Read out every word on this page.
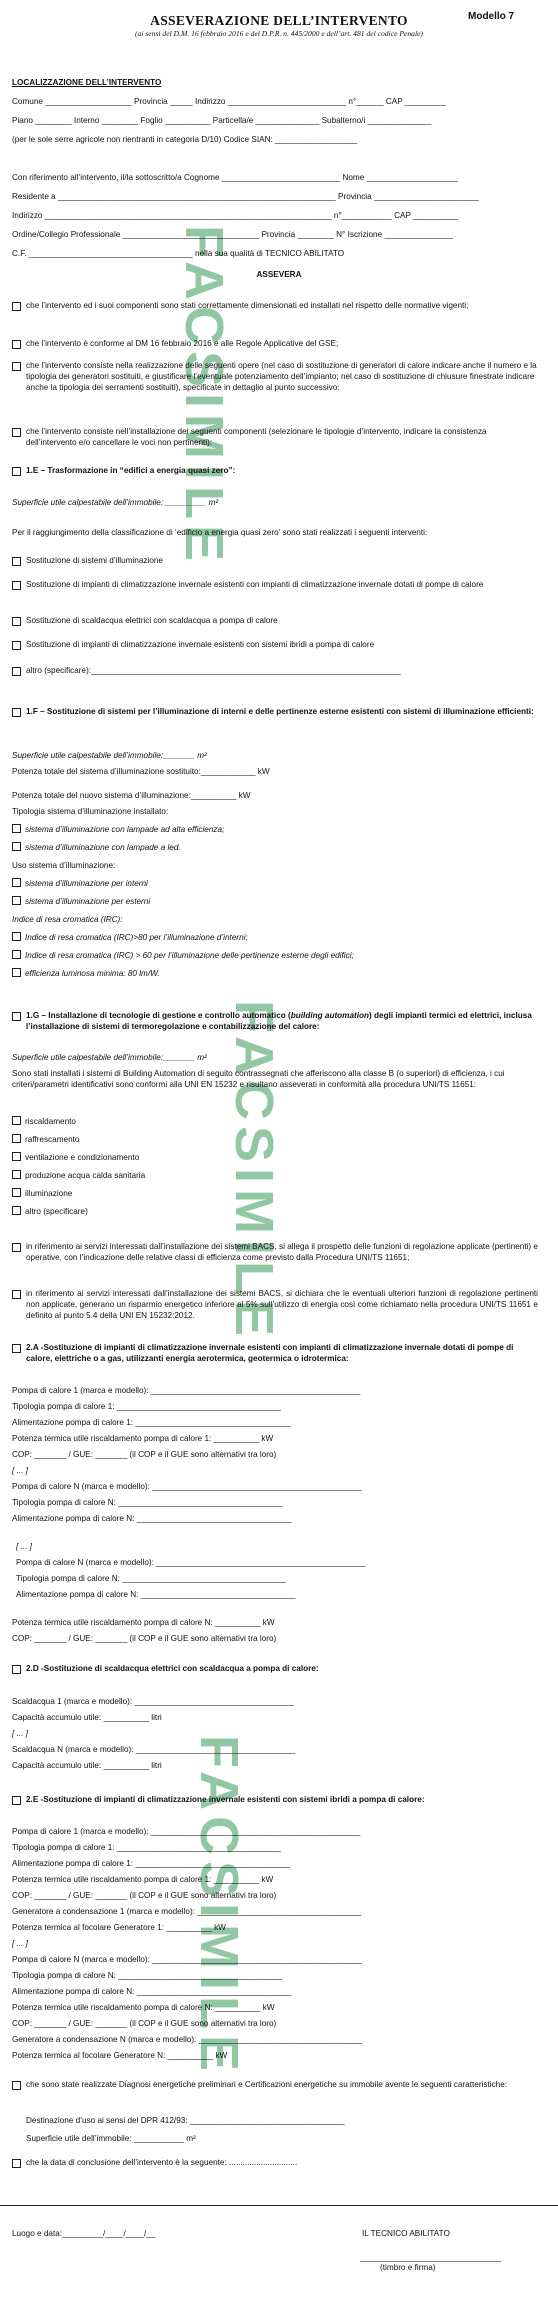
ASSEVERAZIONE DELL’INTERVENTO
(ai sensi del D.M. 16 febbraio 2016 e del D.P.R. n. 445/2000 e dell’art. 481 del codice Penale)
Modello 7
FACSIMILE
FACSIMILE
FACSIMILE
LOCALIZZAZIONE DELL’INTERVENTO
Comune ___________________ Provincia _____ Indirizzo __________________________ n°______ CAP _________
Piano ________ Interno ________ Foglio __________ Particella/e ______________ Subalterno/i ______________
(per le sole serre agricole non rientranti in categoria D/10) Codice SIAN: __________________
Con riferimento all’intervento, il/la sottoscritto/a Cognome __________________________ Nome ____________________
Residente a _____________________________________________________________ Provincia _______________________
Indirizzo _______________________________________________________________ n°___________ CAP __________
Ordine/Collegio Professionale ______________________________ Provincia ________ N° Iscrizione _______________
C.F. ____________________________________ nella sua qualità di TECNICO ABILITATO
ASSEVERA
che l’intervento ed i suoi componenti sono stati correttamente dimensionati ed installati nel rispetto delle normative vigenti;
che l’intervento è conforme al DM 16 febbraio 2016 e alle Regole Applicative del GSE;
che l’intervento consiste nella realizzazione delle seguenti opere (nel caso di sostituzione di generatori di calore indicare anche il numero e la tipologia dei generatori sostituiti, e giustificare l’eventuale potenziamento dell’impianto; nel caso di sostituzione di chiusure finestrate indicare anche la tipologia dei serramenti sostituiti), specificate in dettaglio al punto successivo:
che l’intervento consiste nell’installazione dei seguenti componenti (selezionare le tipologie d’intervento, indicare la consistenza dell’intervento e/o cancellare le voci non pertinenti):
1.E – Trasformazione in “edifici a energia quasi zero”:
Superficie utile calpestabile dell’immobile: _________ m²
Per il raggiungimento della classificazione di ‘edificio a energia quasi zero’ sono stati realizzati i seguenti interventi:
Sostituzione di sistemi d’illuminazione
Sostituzione di impianti di climatizzazione invernale esistenti con impianti di climatizzazione invernale dotati di pompe di calore
Sostituzione di scaldacqua elettrici con scaldacqua a pompa di calore
Sostituzione di impianti di climatizzazione invernale esistenti con sistemi ibridi a pompa di calore
altro (specificare):____________________________________________________________________
1.F – Sostituzione di sistemi per l’illuminazione di interni e delle pertinenze esterne esistenti con sistemi di illuminazione efficienti:
Superficie utile calpestabile dell’immobile:_______ m²
Potenza totale del sistema d’illuminazione sostituito:____________ kW
Potenza totale del nuovo sistema d’illuminazione:__________ kW
Tipologia sistema d’illuminazione installato:
sistema d’illuminazione con lampade ad alta efficienza;
sistema d’illuminazione con lampade a led.
Uso sistema d’illuminazione:
sistema d’illuminazione per interni
sistema d’illuminazione per esterni
Indice di resa cromatica (IRC):
Indice di resa cromatica (IRC)>80 per l’illuminazione d’interni;
Indice di resa cromatica (IRC) > 60 per l’illuminazione delle pertinenze esterne degli edifici;
efficienza luminosa minima: 80 lm/W.
1.G – Installazione di tecnologie di gestione e controllo automatico (building automation) degli impianti termici ed elettrici, inclusa l’installazione di sistemi di termoregolazione e contabilizzazione del calore:
Superficie utile calpestabile dell’immobile:_______ m²
Sono stati installati i sistemi di Building Automation di seguito contrassegnati che afferiscono alla classe B (o superiori) di efficienza, i cui criteri/parametri identificativi sono conformi alla UNI EN 15232 e risultano asseverati in conformità alla procedura UNI/TS 11651:
riscaldamento
raffrescamento
ventilazione e condizionamento
produzione acqua calda sanitaria
illuminazione
altro (specificare)
in riferimento ai servizi interessati dall’installazione dei sistemi BACS, si allega il prospetto delle funzioni di regolazione applicate (pertinenti) e operative, con l’indicazione delle relative classi di efficienza come previsto dalla Procedura UNI/TS 11651;
in riferimento ai servizi interessati dall’installazione dei sistemi BACS, si dichiara che le eventuali ulteriori funzioni di regolazione pertinenti non applicate, generano un risparmio energetico inferiore al 5% sull’utilizzo di energia così come richiamato nella procedura UNI/TS 11651 e definito al punto 5.4 della UNI EN 15232:2012.
2.A -Sostituzione di impianti di climatizzazione invernale esistenti con impianti di climatizzazione invernale dotati di pompe di calore, elettriche o a gas, utilizzanti energia aerotermica, geotermica o idrotermica:
Pompa di calore 1 (marca e modello): ______________________________________________
Tipologia pompa di calore 1: ____________________________________
Alimentazione pompa di calore 1: __________________________________
Potenza termica utile riscaldamento pompa di calore 1: __________ kW
COP: _______ / GUE: _______ (il COP e il GUE sono alternativi tra loro)
[ ... ]
Pompa di calore N (marca e modello): ______________________________________________
Tipologia pompa di calore N: ____________________________________
Alimentazione pompa di calore N: __________________________________
[ ... ]
Pompa di calore N (marca e modello): ______________________________________________
Tipologia pompa di calore N: ____________________________________
Alimentazione pompa di calore N: __________________________________
Potenza termica utile riscaldamento pompa di calore N: __________ kW
COP: _______ / GUE: _______ (il COP e il GUE sono alternativi tra loro)
2.D -Sostituzione di scaldacqua elettrici con scaldacqua a pompa di calore:
Scaldacqua 1 (marca e modello): ___________________________________
Capacità accumulo utile: __________ litri
[ ... ]
Scaldacqua N (marca e modello): ___________________________________
Capacità accumulo utile: __________ litri
2.E -Sostituzione di impianti di climatizzazione invernale esistenti con sistemi ibridi a pompa di calore:
Pompa di calore 1 (marca e modello): ______________________________________________
Tipologia pompa di calore 1: ____________________________________
Alimentazione pompa di calore 1: __________________________________
Potenza termica utile riscaldamento pompa di calore 1: __________ kW
COP: _______ / GUE: _______ (il COP e il GUE sono alternativi tra loro)
Generatore a condensazione 1 (marca e modello): ____________________________________
Potenza termica al focolare Generatore 1: __________ kW
[ ... ]
Pompa di calore N (marca e modello): ______________________________________________
Tipologia pompa di calore N: ____________________________________
Alimentazione pompa di calore N: __________________________________
Potenza termica utile riscaldamento pompa di calore N: __________ kW
COP: _______ / GUE: _______ (il COP e il GUE sono alternativi tra loro)
Generatore a condensazione N (marca e modello): ____________________________________
Potenza termica al focolare Generatore N: __________ kW
che sono state realizzate Diagnosi energetiche preliminari e Certificazioni energetiche su immobile avente le seguenti caratteristiche:
Destinazione d’uso ai sensi del DPR 412/93: __________________________________
Superficie utile dell’immobile: ___________ m²
che la data di conclusione dell’intervento è la seguente: ..............................
Luogo e data:_________/____/____/__	IL TECNICO ABILITATO
_______________________________
(timbro e firma)
